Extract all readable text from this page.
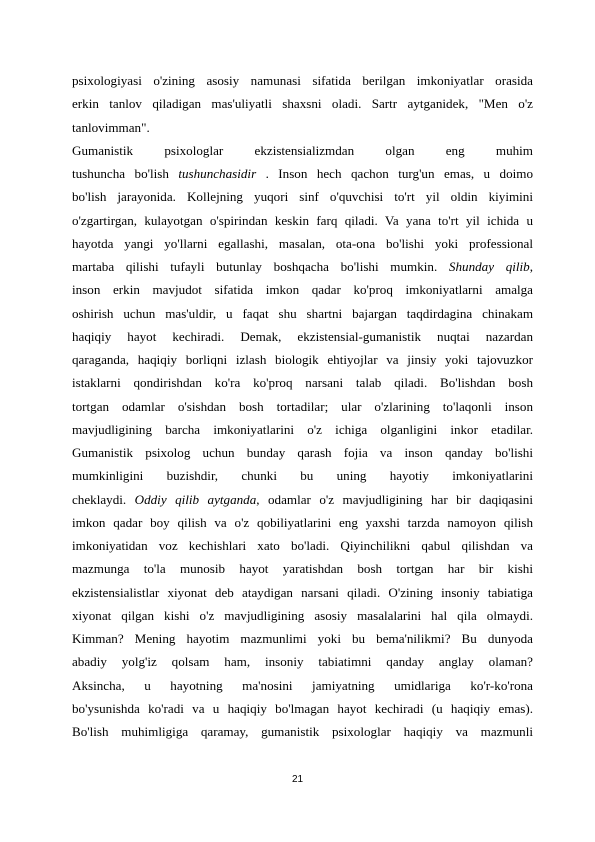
psixologiyasi o'zining asosiy namunasi sifatida berilgan imkoniyatlar orasida
erkin tanlov qiladigan mas'uliyatli shaxsni oladi. Sartr aytganidek, "Men o'z
tanlovimman".
Gumanistik psixologlar ekzistensializmdan olgan eng muhim
tushuncha bo'lish tushunchasidir . Inson hech qachon turg'un emas, u doimo
bo'lish jarayonida. Kollejning yuqori sinf o'quvchisi to'rt yil oldin kiyimini
o'zgartirgan, kulayotgan o'spirindan keskin farq qiladi. Va yana to'rt yil ichida u
hayotda yangi yo'llarni egallashi, masalan, ota-ona bo'lishi yoki professional
martaba qilishi tufayli butunlay boshqacha bo'lishi mumkin. Shunday qilib,
inson erkin mavjudot sifatida imkon qadar ko'proq imkoniyatlarni amalga
oshirish uchun mas'uldir, u faqat shu shartni bajargan taqdirdagina chinakam
haqiqiy hayot kechiradi. Demak, ekzistensial-gumanistik nuqtai nazardan
qaraganda, haqiqiy borliqni izlash biologik ehtiyojlar va jinsiy yoki tajovuzkor
istaklarni qondirishdan ko'ra ko'proq narsani talab qiladi. Bo'lishdan bosh
tortgan odamlar o'sishdan bosh tortadilar; ular o'zlarining to'laqonli inson
mavjudligining barcha imkoniyatlarini o'z ichiga olganligini inkor etadilar.
Gumanistik psixolog uchun bunday qarash fojia va inson qanday bo'lishi
mumkinligini buzishdir, chunki bu uning hayotiy imkoniyatlarini
cheklaydi. Oddiy qilib aytganda, odamlar o'z mavjudligining har bir daqiqasini
imkon qadar boy qilish va o'z qobiliyatlarini eng yaxshi tarzda namoyon qilish
imkoniyatidan voz kechishlari xato bo'ladi. Qiyinchilikni qabul qilishdan va
mazmunga to'la munosib hayot yaratishdan bosh tortgan har bir kishi
ekzistensialistlar xiyonat deb ataydigan narsani qiladi. O'zining insoniy tabiatiga
xiyonat qilgan kishi o'z mavjudligining asosiy masalalarini hal qila olmaydi.
Kimman? Mening hayotim mazmunlimi yoki bu bema'nilikmi? Bu dunyoda
abadiy yolg'iz qolsam ham, insoniy tabiatimni qanday anglay olaman?
Aksincha, u hayotning ma'nosini jamiyatning umidlariga ko'r-ko'rona
bo'ysunishda ko'radi va u haqiqiy bo'lmagan hayot kechiradi (u haqiqiy emas).
Bo'lish muhimligiga qaramay, gumanistik psixologlar haqiqiy va mazmunli
21
